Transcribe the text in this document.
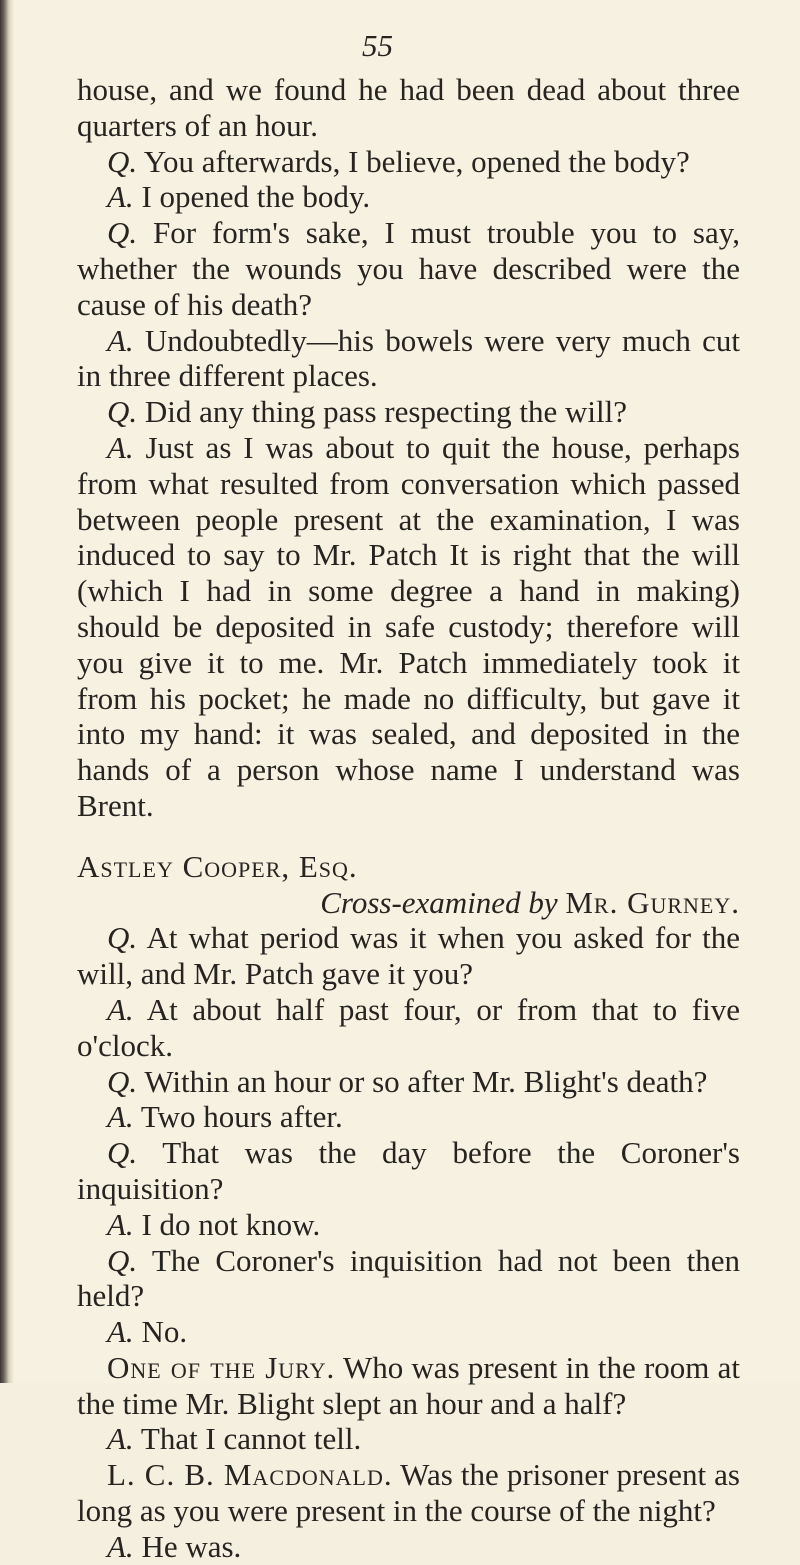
55

house, and we found he had been dead about three quarters of an hour.

Q. You afterwards, I believe, opened the body?

A. I opened the body.

Q. For form's sake, I must trouble you to say, whether the wounds you have described were the cause of his death?

A. Undoubtedly—his bowels were very much cut in three different places.

Q. Did any thing pass respecting the will?

A. Just as I was about to quit the house, perhaps from what resulted from conversation which passed between people present at the examination, I was induced to say to Mr. Patch It is right that the will (which I had in some degree a hand in making) should be deposited in safe custody; therefore will you give it to me. Mr. Patch immediately took it from his pocket; he made no difficulty, but gave it into my hand: it was sealed, and deposited in the hands of a person whose name I understand was Brent.

Astley Cooper, Esq.

Cross-examined by Mr. Gurney.

Q. At what period was it when you asked for the will, and Mr. Patch gave it you?

A. At about half past four, or from that to five o'clock.

Q. Within an hour or so after Mr. Blight's death?

A. Two hours after.

Q. That was the day before the Coroner's inquisition?

A. I do not know.

Q. The Coroner's inquisition had not been then held?

A. No.

One of the Jury. Who was present in the room at the time Mr. Blight slept an hour and a half?

A. That I cannot tell.

L. C. B. Macdonald. Was the prisoner present as long as you were present in the course of the night?

A. He was.
